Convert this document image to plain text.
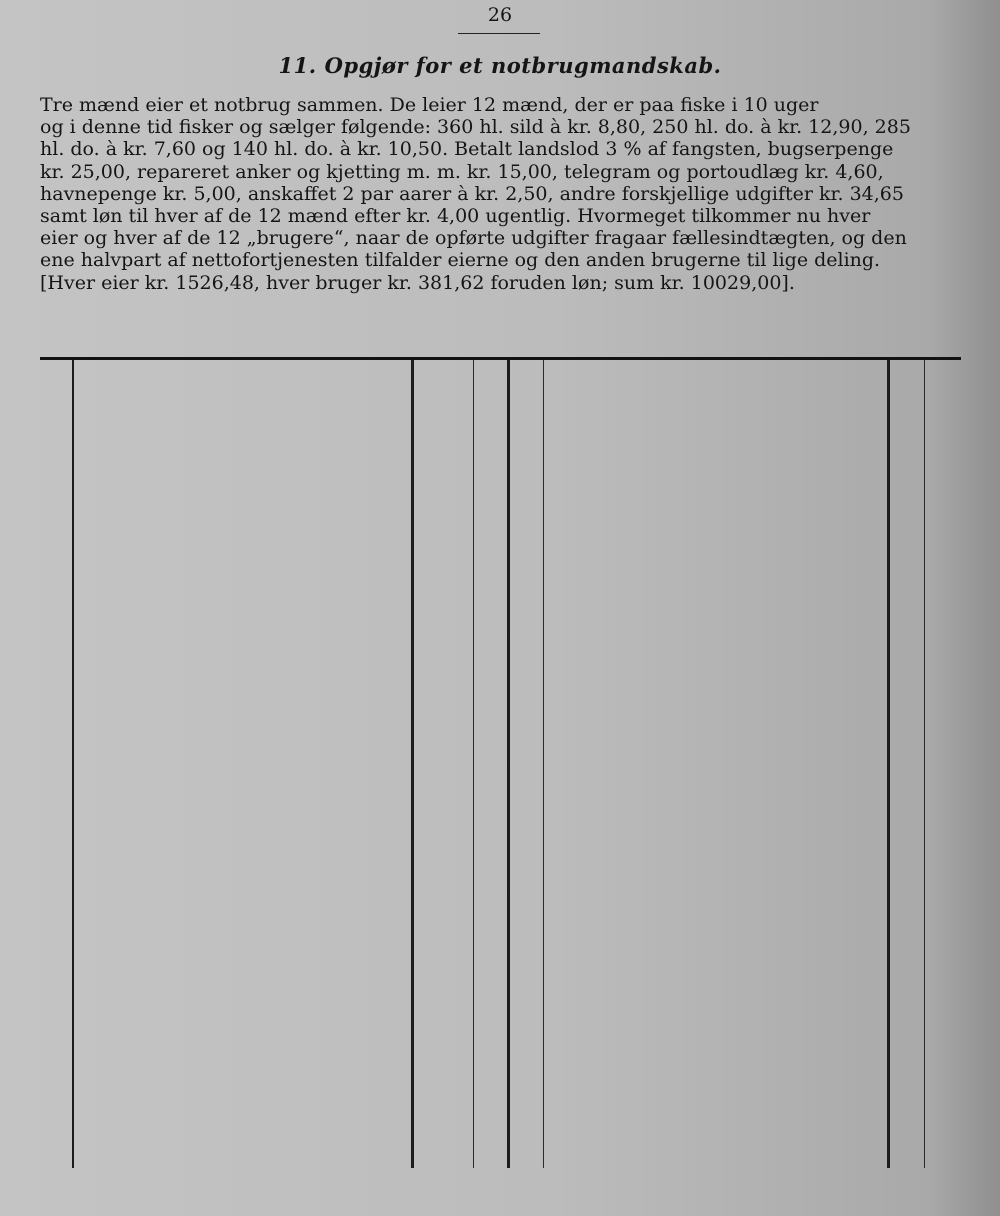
26
11. Opgjør for et notbrugmandskab.
Tre mænd eier et notbrug sammen. De leier 12 mænd, der er paa fiske i 10 uger
og i denne tid fisker og sælger følgende: 360 hl. sild à kr. 8,80, 250 hl. do. à kr. 12,90, 285
hl. do. à kr. 7,60 og 140 hl. do. à kr. 10,50. Betalt landslod 3 % af fangsten, bugserpenge
kr. 25,00, repareret anker og kjetting m. m. kr. 15,00, telegram og portoudlæg kr. 4,60,
havnepenge kr. 5,00, anskaffet 2 par aarer à kr. 2,50, andre forskjellige udgifter kr. 34,65
samt løn til hver af de 12 mænd efter kr. 4,00 ugentlig. Hvormeget tilkommer nu hver
eier og hver af de 12 „brugere“, naar de opførte udgifter fragaar fællesindtægten, og den
ene halvpart af nettofortjenesten tilfalder eierne og den anden brugerne til lige deling.
[Hver eier kr. 1526,48, hver bruger kr. 381,62 foruden løn; sum kr. 10029,00].
